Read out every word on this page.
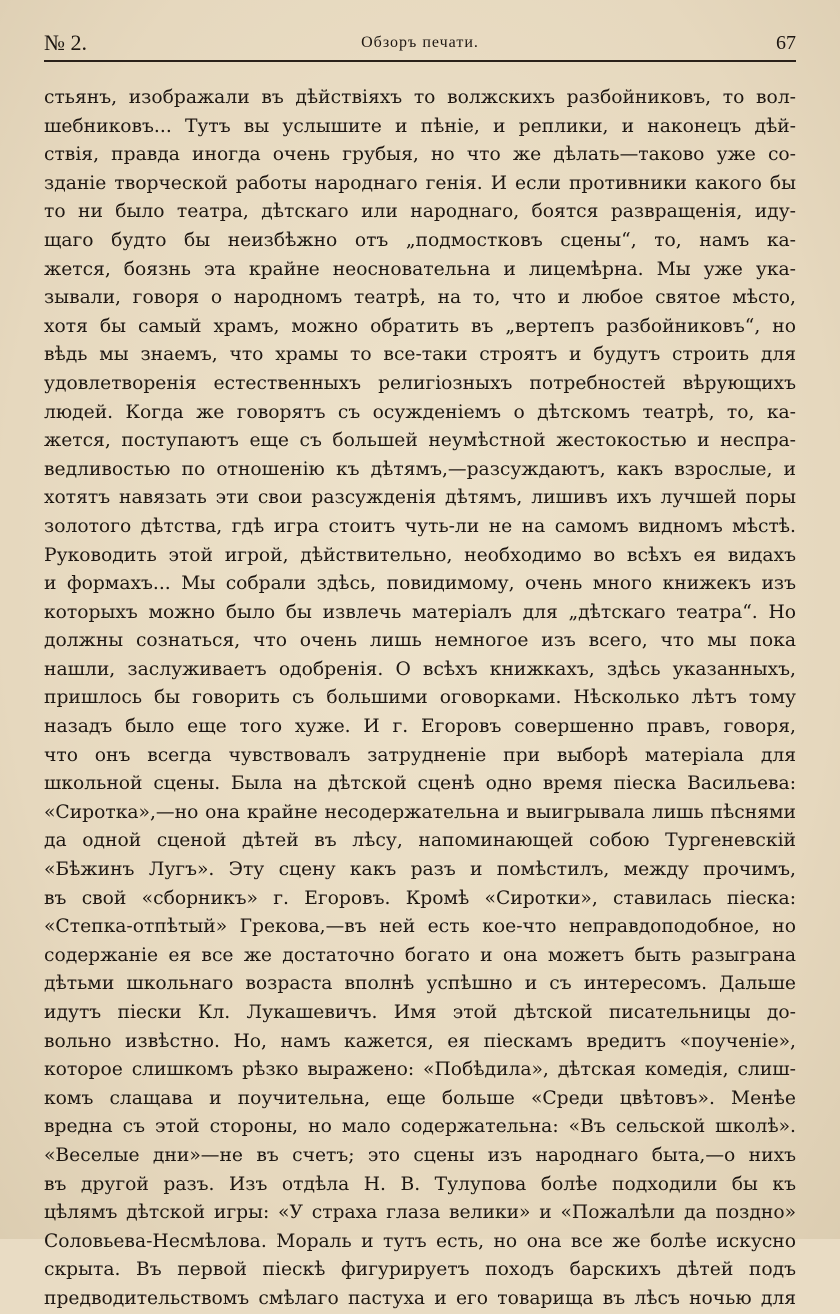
№ 2.	Обзоръ печати.	67
стьянъ, изображали въ дѣйствiяхъ то волжскихъ разбойниковъ, то вол-
шебниковъ... Тутъ вы услышите и пѣнiе, и реплики, и наконецъ дѣй-
ствiя, правда иногда очень грубыя, но что же дѣлать—таково уже со-
зданiе творческой работы народнаго генiя. И если противники какого бы
то ни было театра, дѣтскаго или народнаго, боятся развращенiя, иду-
щаго будто бы неизбѣжно отъ „подмостковъ сцены“, то, намъ ка-
жется, боязнь эта крайне неосновательна и лицемѣрна. Мы уже ука-
зывали, говоря о народномъ театрѣ, на то, что и любое святое мѣсто,
хотя бы самый храмъ, можно обратить въ „вертепъ разбойниковъ“, но
вѣдь мы знаемъ, что храмы то все-таки строятъ и будутъ строить для
удовлетворенiя естественныхъ религiозныхъ потребностей вѣрующихъ
людей. Когда же говорятъ съ осужденiемъ о дѣтскомъ театрѣ, то, ка-
жется, поступаютъ еще съ большей неумѣстной жестокостью и неспра-
ведливостью по отношенiю къ дѣтямъ,—разсуждаютъ, какъ взрослые, и
хотятъ навязать эти свои разсужденiя дѣтямъ, лишивъ ихъ лучшей поры
золотого дѣтства, гдѣ игра стоитъ чуть-ли не на самомъ видномъ мѣстѣ.
Руководить этой игрой, дѣйствительно, необходимо во всѣхъ ея видахъ
и формахъ... Мы собрали здѣсь, повидимому, очень много книжекъ изъ
которыхъ можно было бы извлечь матерiалъ для „дѣтскаго театра“. Но
должны сознаться, что очень лишь немногое изъ всего, что мы пока
нашли, заслуживаетъ одобренiя. О всѣхъ книжкахъ, здѣсь указанныхъ,
пришлось бы говорить съ большими оговорками. Нѣсколько лѣтъ тому
назадъ было еще того хуже. И г. Егоровъ совершенно правъ, говоря,
что онъ всегда чувствовалъ затрудненiе при выборѣ матерiала для
школьной сцены. Была на дѣтской сценѣ одно время пiеска Васильева:
«Сиротка»,—но она крайне несодержательна и выигрывала лишь пѣснями
да одной сценой дѣтей въ лѣсу, напоминающей собою Тургеневскiй
«Бѣжинъ Лугъ». Эту сцену какъ разъ и помѣстилъ, между прочимъ,
въ свой «сборникъ» г. Егоровъ. Кромѣ «Сиротки», ставилась пiеска:
«Степка-отпѣтый» Грекова,—въ ней есть кое-что неправдоподобное, но
содержанiе ея все же достаточно богато и она можетъ быть разыграна
дѣтьми школьнаго возраста вполнѣ успѣшно и съ интересомъ. Дальше
идутъ пiески Кл. Лукашевичъ. Имя этой дѣтской писательницы до-
вольно извѣстно. Но, намъ кажется, ея пiескамъ вредитъ «поученiе»,
которое слишкомъ рѣзко выражено: «Побѣдила», дѣтская комедiя, слиш-
комъ слащава и поучительна, еще больше «Среди цвѣтовъ». Менѣе
вредна съ этой стороны, но мало содержательна: «Въ сельской школѣ».
«Веселые дни»—не въ счетъ; это сцены изъ народнаго быта,—о нихъ
въ другой разъ. Изъ отдѣла Н. В. Тулупова болѣе подходили бы къ
цѣлямъ дѣтской игры: «У страха глаза велики» и «Пожалѣли да поздно»
Соловьева-Несмѣлова. Мораль и тутъ есть, но она все же болѣе искусно
скрыта. Въ первой пiескѣ фигурируетъ походъ барскихъ дѣтей подъ
предводительствомъ смѣлаго пастуха и его товарища въ лѣсъ ночью для
